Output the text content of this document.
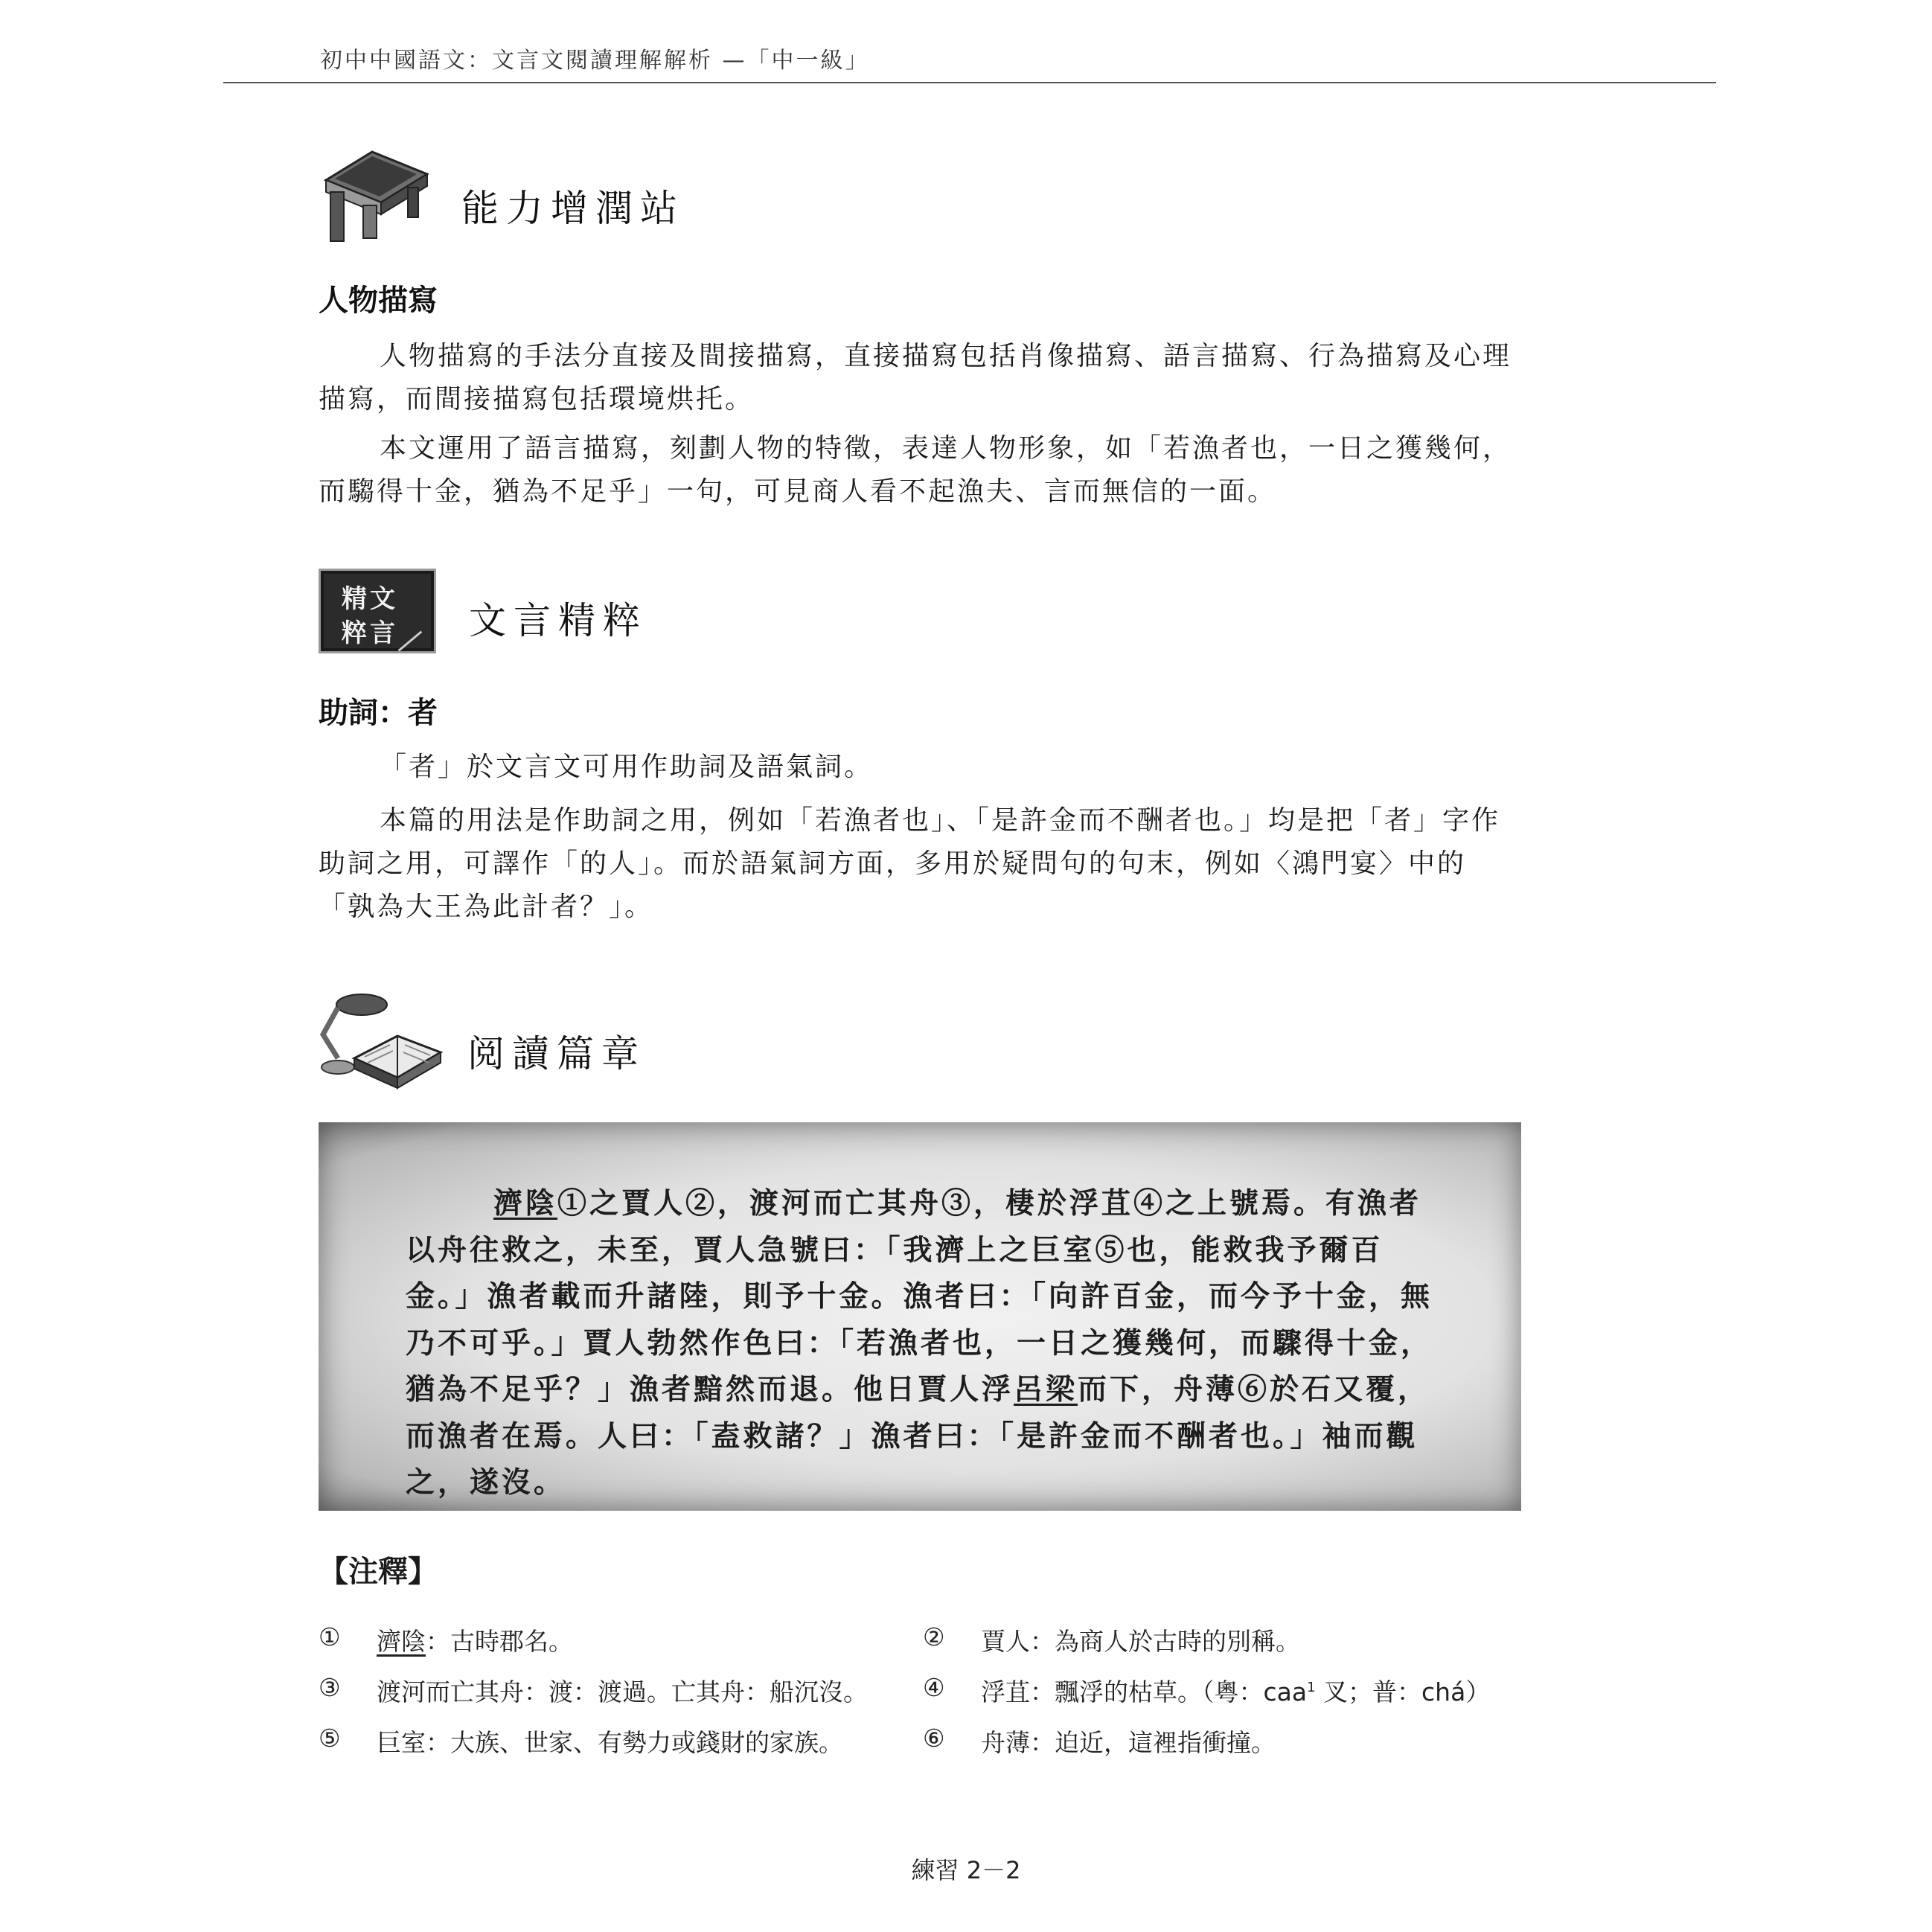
初中中國語文：文言文閱讀理解解析 —「中一級」
能力增潤站
人物描寫

人物描寫的手法分直接及間接描寫，直接描寫包括肖像描寫、語言描寫、行為描寫及心理描寫，而間接描寫包括環境烘托。

本文運用了語言描寫，刻劃人物的特徵，表達人物形象，如「若漁者也，一日之獲幾何，而騶得十金，猶為不足乎」一句，可見商人看不起漁夫、言而無信的一面。

精文
粹言 文言精粹
助詞：者

「者」於文言文可用作助詞及語氣詞。

本篇的用法是作助詞之用，例如「若漁者也」、「是許金而不酬者也。」均是把「者」字作助詞之用，可譯作「的人」。而於語氣詞方面，多用於疑問句的句末，例如〈鴻門宴〉中的「孰為大王為此計者？」。

阅讀篇章

濟陰①之賈人②，渡河而亡其舟③，棲於浮苴④之上號焉。有漁者以舟往救之，未至，賈人急號曰：「我濟上之巨室⑤也，能救我予爾百金。」漁者載而升諸陸，則予十金。漁者曰：「向許百金，而今予十金，無乃不可乎。」賈人勃然作色曰：「若漁者也，一日之獲幾何，而驟得十金，猶為不足乎？」漁者黯然而退。他日賈人浮呂梁而下，舟薄⑥於石又覆，而漁者在焉。人曰：「盍救諸？」漁者曰：「是許金而不酬者也。」袖而觀之，遂沒。

【注釋】
① 濟陰：古時郡名。	② 賈人：為商人於古時的別稱。
③ 渡河而亡其舟：渡：渡過。亡其舟：船沉沒。 ④ 浮苴：飄浮的枯草。（粵：caa$^1$ 叉；普：chá）
⑤ 巨室：大族、世家、有勢力或錢財的家族。	⑥ 舟薄：迫近，這裡指衝撞。
練習 2－2
